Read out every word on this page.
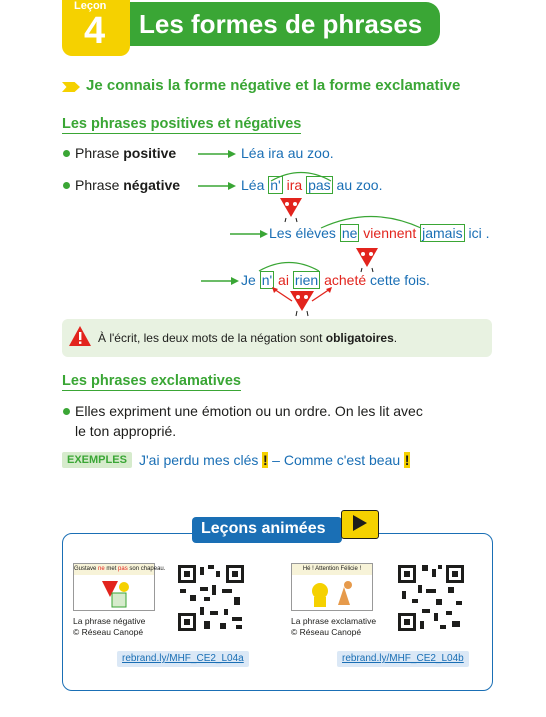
Leçon
4 Les formes de phrases
Je connais la forme négative et la forme exclamative
Les phrases positives et négatives
Phrase positive	Léa ira au zoo.
Phrase négative	Léa n' ira pas au zoo.
Les élèves ne viennent jamais ici .
Je n' ai rien acheté cette fois.
À l'écrit, les deux mots de la négation sont obligatoires.
Les phrases exclamatives
Elles expriment une émotion ou un ordre. On les lit avec
le ton approprié.
EXEMPLES J'ai perdu mes clés ! – Comme c'est beau !
Leçons animées
Gustave ne met pas son chapeau.
La phrase négative
© Réseau Canopé
rebrand.ly/MHF_CE2_L04a
Hé ! Attention Félicie !
La phrase exclamative
© Réseau Canopé
rebrand.ly/MHF_CE2_L04b
